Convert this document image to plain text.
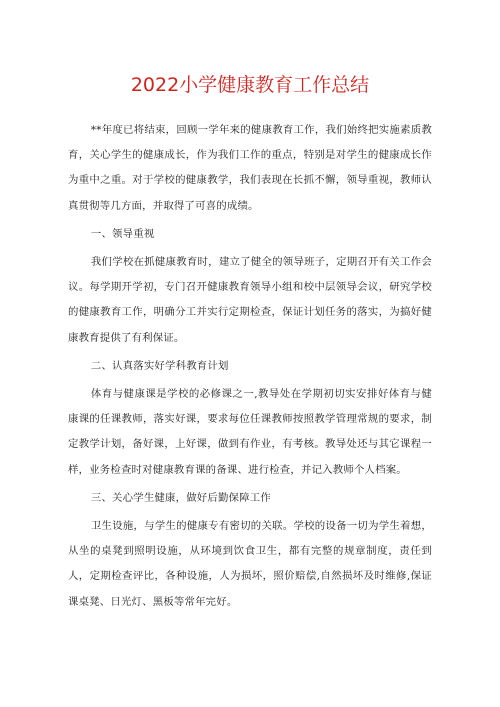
2022小学健康教育工作总结

**年度已将结束，回顾一学年来的健康教育工作，我们始终把实施素质教育，关心学生的健康成长，作为我们工作的重点，特别是对学生的健康成长作为重中之重。对于学校的健康教学，我们表现在长抓不懈，领导重视，教师认真贯彻等几方面，并取得了可喜的成绩。

一、领导重视

我们学校在抓健康教育时，建立了健全的领导班子，定期召开有关工作会议。每学期开学初，专门召开健康教育领导小组和校中层领导会议，研究学校的健康教育工作，明确分工并实行定期检查，保证计划任务的落实，为搞好健康教育提供了有利保证。

二、认真落实好学科教育计划

体育与健康课是学校的必修课之一,教导处在学期初切实安排好体育与健康课的任课教师，落实好课，要求每位任课教师按照教学管理常规的要求，制定教学计划，备好课，上好课，做到有作业，有考核。教导处还与其它课程一样，业务检查时对健康教育课的备课、进行检查，并记入教师个人档案。

三、关心学生健康，做好后勤保障工作

卫生设施，与学生的健康专有密切的关联。学校的设备一切为学生着想，从坐的桌凳到照明设施，从环境到饮食卫生，都有完整的规章制度，责任到人，定期检查评比，各种设施，人为损坏，照价赔偿,自然损坏及时维修,保证课桌凳、日光灯、黑板等常年完好。
